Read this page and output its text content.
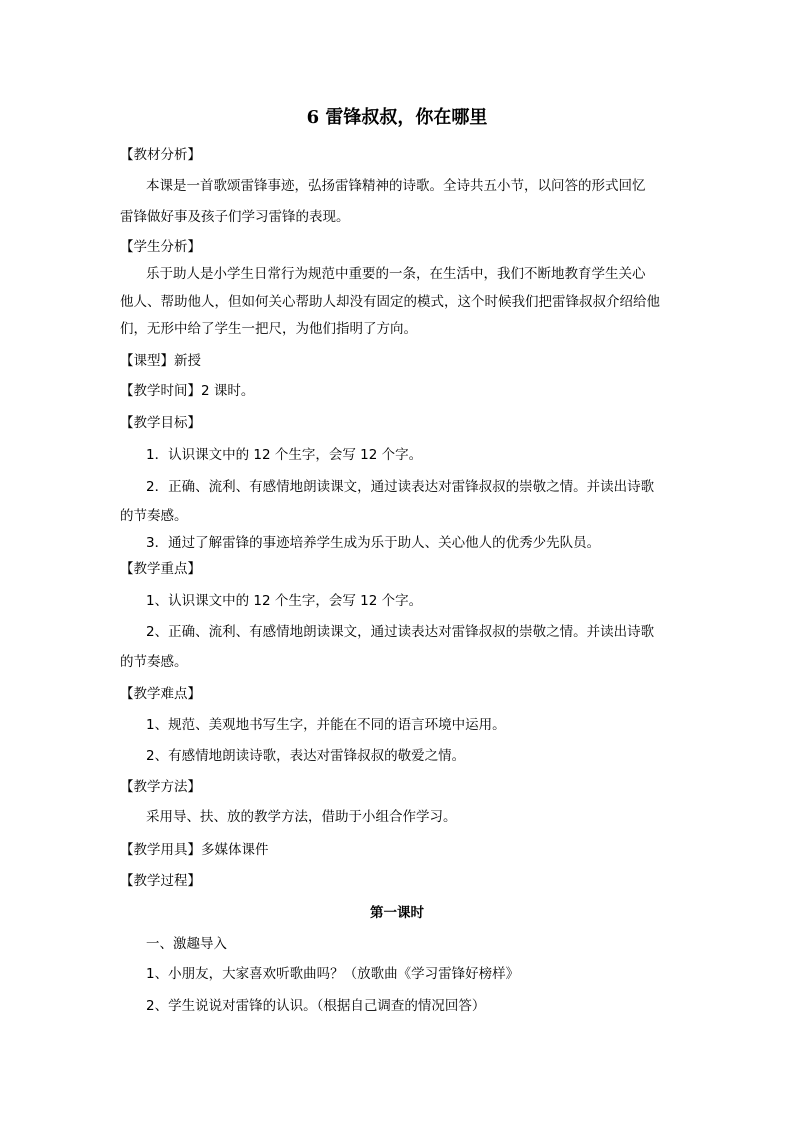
6 雷锋叔叔，你在哪里
【教材分析】
本课是一首歌颂雷锋事迹，弘扬雷锋精神的诗歌。全诗共五小节，以问答的形式回忆
雷锋做好事及孩子们学习雷锋的表现。
【学生分析】
乐于助人是小学生日常行为规范中重要的一条，在生活中，我们不断地教育学生关心
他人、帮助他人，但如何关心帮助人却没有固定的模式，这个时候我们把雷锋叔叔介绍给他
们，无形中给了学生一把尺，为他们指明了方向。
【课型】新授
【教学时间】2 课时。
【教学目标】
1．认识课文中的 12 个生字，会写 12 个字。
2．正确、流利、有感情地朗读课文，通过读表达对雷锋叔叔的崇敬之情。并读出诗歌
的节奏感。
3．通过了解雷锋的事迹培养学生成为乐于助人、关心他人的优秀少先队员。
【教学重点】
1、认识课文中的 12 个生字，会写 12 个字。
2、正确、流利、有感情地朗读课文，通过读表达对雷锋叔叔的崇敬之情。并读出诗歌
的节奏感。
【教学难点】
1、规范、美观地书写生字，并能在不同的语言环境中运用。
2、有感情地朗读诗歌，表达对雷锋叔叔的敬爱之情。
【教学方法】
采用导、扶、放的教学方法，借助于小组合作学习。
【教学用具】多媒体课件
【教学过程】
第一课时
一、激趣导入
1、小朋友，大家喜欢听歌曲吗？（放歌曲《学习雷锋好榜样》
2、学生说说对雷锋的认识。（根据自己调查的情况回答）
